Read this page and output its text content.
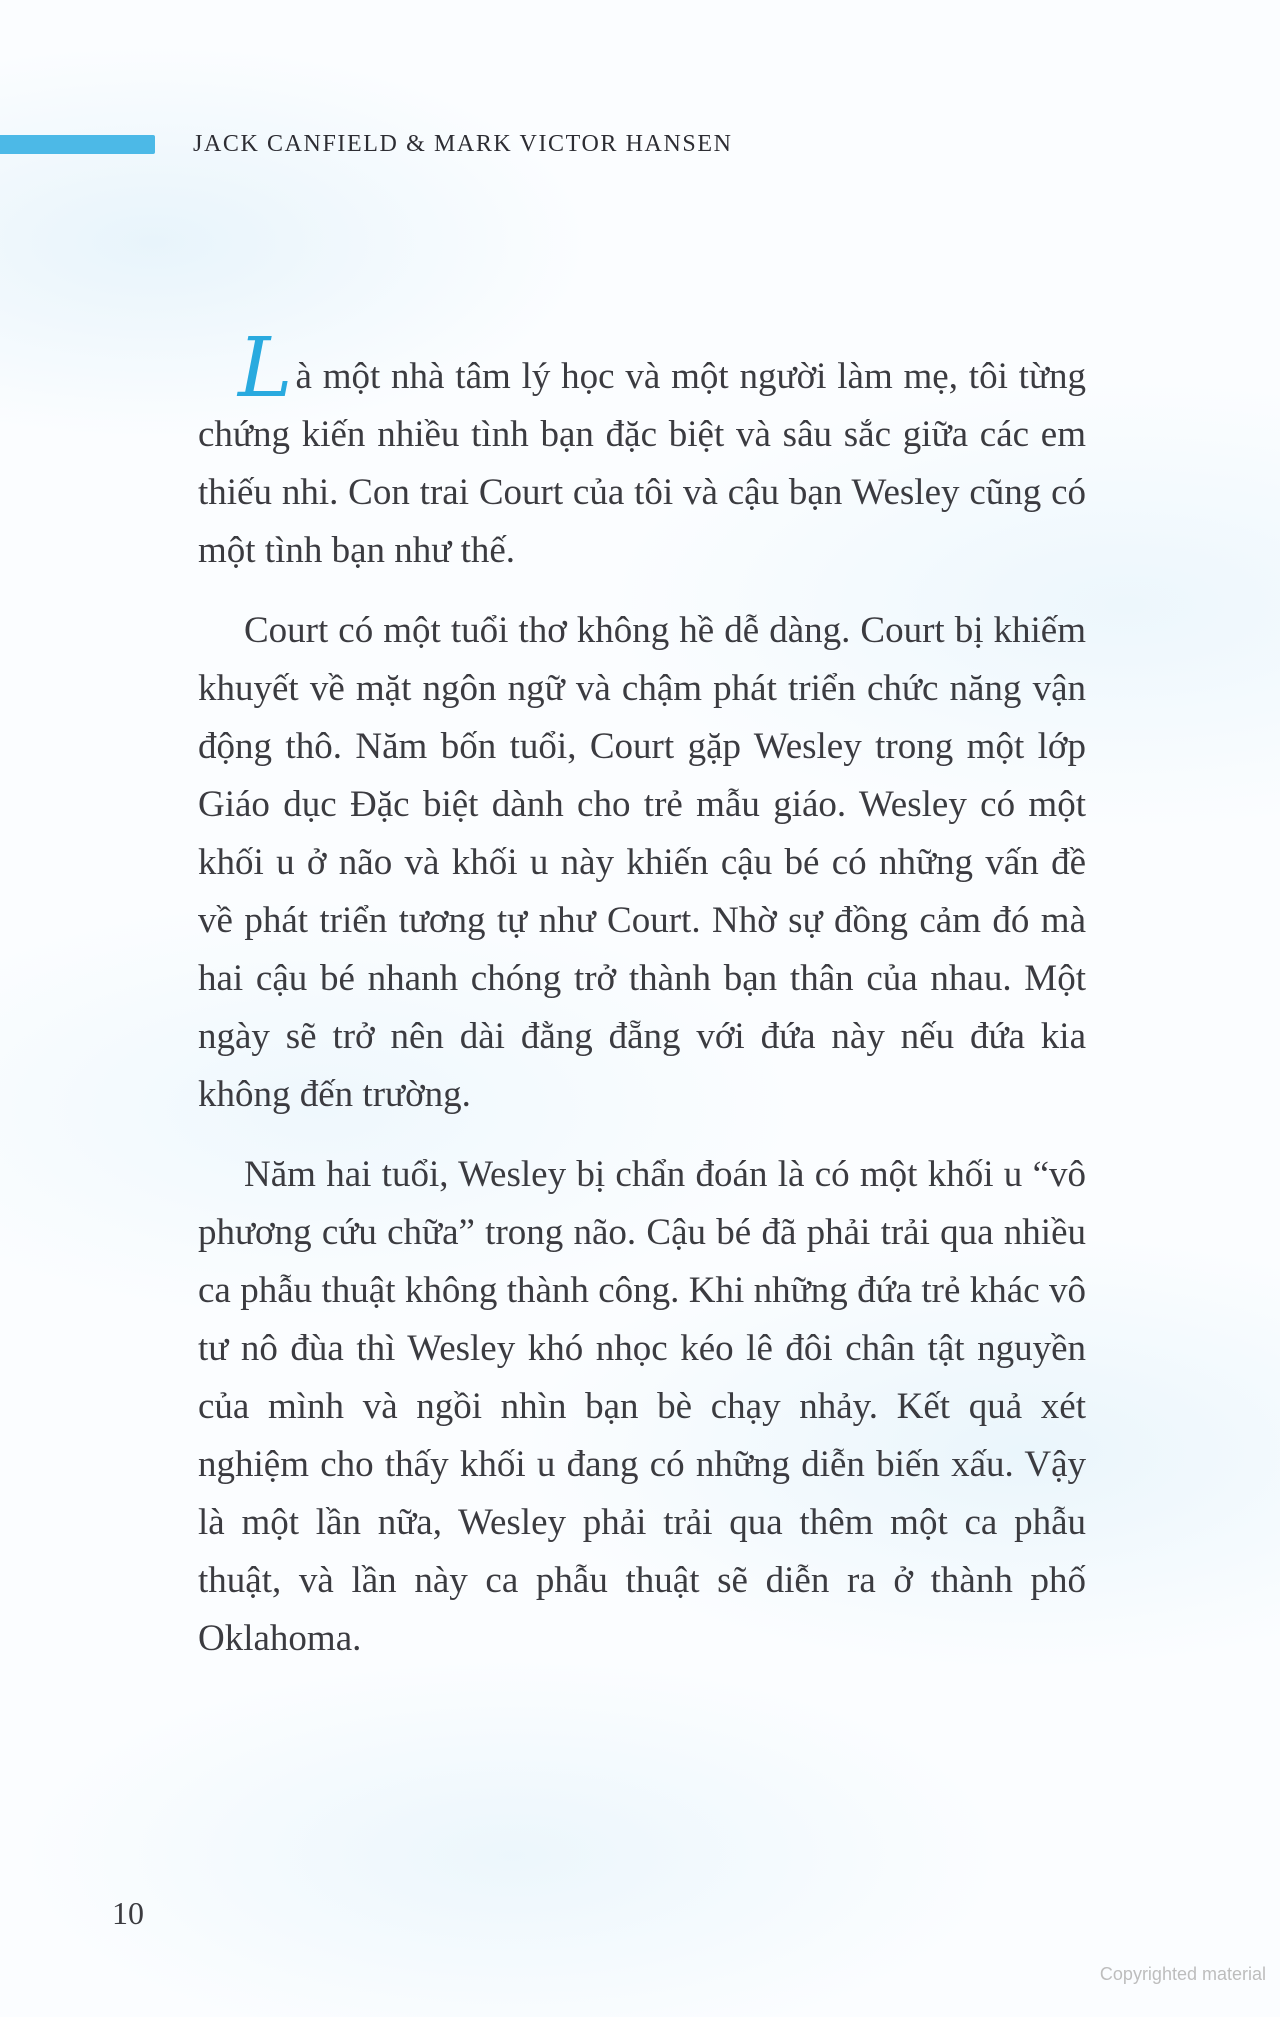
JACK CANFIELD & MARK VICTOR HANSEN

Là một nhà tâm lý học và một người làm mẹ, tôi từng chứng kiến nhiều tình bạn đặc biệt và sâu sắc giữa các em thiếu nhi. Con trai Court của tôi và cậu bạn Wesley cũng có một tình bạn như thế.

Court có một tuổi thơ không hề dễ dàng. Court bị khiếm khuyết về mặt ngôn ngữ và chậm phát triển chức năng vận động thô. Năm bốn tuổi, Court gặp Wesley trong một lớp Giáo dục Đặc biệt dành cho trẻ mẫu giáo. Wesley có một khối u ở não và khối u này khiến cậu bé có những vấn đề về phát triển tương tự như Court. Nhờ sự đồng cảm đó mà hai cậu bé nhanh chóng trở thành bạn thân của nhau. Một ngày sẽ trở nên dài đằng đẵng với đứa này nếu đứa kia không đến trường.

Năm hai tuổi, Wesley bị chẩn đoán là có một khối u “vô phương cứu chữa” trong não. Cậu bé đã phải trải qua nhiều ca phẫu thuật không thành công. Khi những đứa trẻ khác vô tư nô đùa thì Wesley khó nhọc kéo lê đôi chân tật nguyền của mình và ngồi nhìn bạn bè chạy nhảy. Kết quả xét nghiệm cho thấy khối u đang có những diễn biến xấu. Vậy là một lần nữa, Wesley phải trải qua thêm một ca phẫu thuật, và lần này ca phẫu thuật sẽ diễn ra ở thành phố Oklahoma.

10
Copyrighted material
